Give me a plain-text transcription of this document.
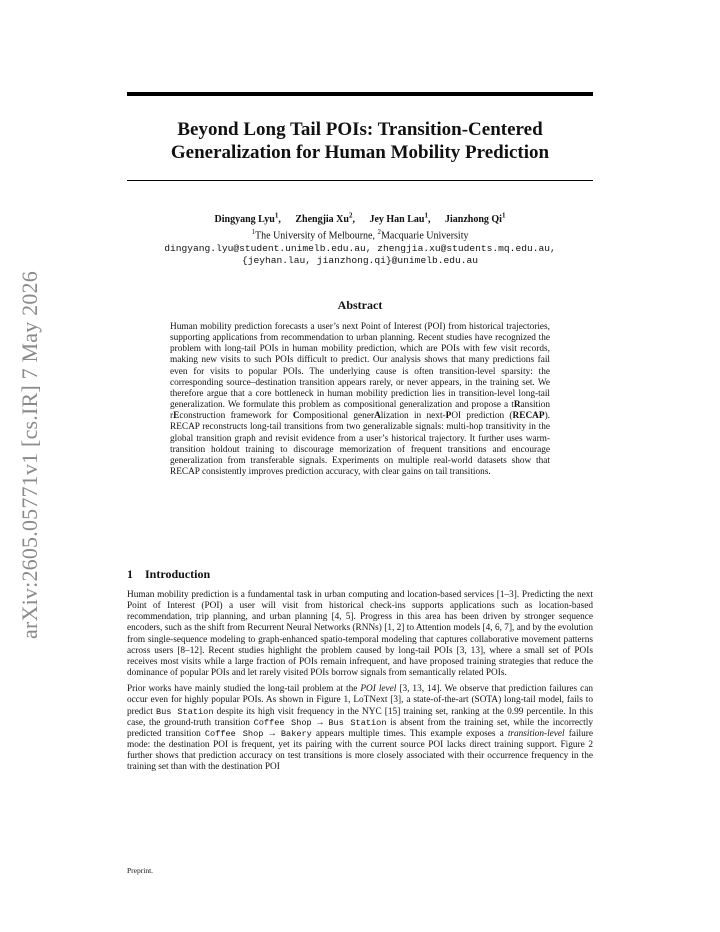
arXiv:2605.05771v1 [cs.IR] 7 May 2026
Beyond Long Tail POIs: Transition-Centered
Generalization for Human Mobility Prediction
Dingyang Lyu$^1$, Zhengjia Xu$^2$, Jey Han Lau$^1$, Jianzhong Qi$^1$
$^1$The University of Melbourne, $^2$Macquarie University
dingyang.lyu@student.unimelb.edu.au, zhengjia.xu@students.mq.edu.au,
{jeyhan.lau, jianzhong.qi}@unimelb.edu.au
Abstract

Human mobility prediction forecasts a user’s next Point of Interest (POI) from historical trajectories, supporting applications from recommendation to urban planning. Recent studies have recognized the problem with long-tail POIs in human mobility prediction, which are POIs with few visit records, making new visits to such POIs difficult to predict. Our analysis shows that many predictions fail even for visits to popular POIs. The underlying cause is often transition-level sparsity: the corresponding source–destination transition appears rarely, or never appears, in the training set. We therefore argue that a core bottleneck in human mobility prediction lies in transition-level long-tail generalization. We formulate this problem as compositional generalization and propose a tRansition rEconstruction framework for Compositional generAlization in next-POI prediction (RECAP). RECAP reconstructs long-tail transitions from two generalizable signals: multi-hop transitivity in the global transition graph and revisit evidence from a user’s historical trajectory. It further uses warm-transition holdout training to discourage memorization of frequent transitions and encourage generalization from transferable signals. Experiments on multiple real-world datasets show that RECAP consistently improves prediction accuracy, with clear gains on tail transitions.

1 Introduction

Human mobility prediction is a fundamental task in urban computing and location-based services [1–3]. Predicting the next Point of Interest (POI) a user will visit from historical check-ins supports applications such as location-based recommendation, trip planning, and urban planning [4, 5]. Progress in this area has been driven by stronger sequence encoders, such as the shift from Recurrent Neural Networks (RNNs) [1, 2] to Attention models [4, 6, 7], and by the evolution from single-sequence modeling to graph-enhanced spatio-temporal modeling that captures collaborative movement patterns across users [8–12]. Recent studies highlight the problem caused by long-tail POIs [3, 13], where a small set of POIs receives most visits while a large fraction of POIs remain infrequent, and have proposed training strategies that reduce the dominance of popular POIs and let rarely visited POIs borrow signals from semantically related POIs.

Prior works have mainly studied the long-tail problem at the POI level [3, 13, 14]. We observe that prediction failures can occur even for highly popular POIs. As shown in Figure 1, LoTNext [3], a state-of-the-art (SOTA) long-tail model, fails to predict Bus Station despite its high visit frequency in the NYC [15] training set, ranking at the 0.99 percentile. In this case, the ground-truth transition Coffee Shop → Bus Station is absent from the training set, while the incorrectly predicted transition Coffee Shop → Bakery appears multiple times. This example exposes a transition-level failure mode: the destination POI is frequent, yet its pairing with the current source POI lacks direct training support. Figure 2 further shows that prediction accuracy on test transitions is more closely associated with their occurrence frequency in the training set than with the destination POI

Preprint.
